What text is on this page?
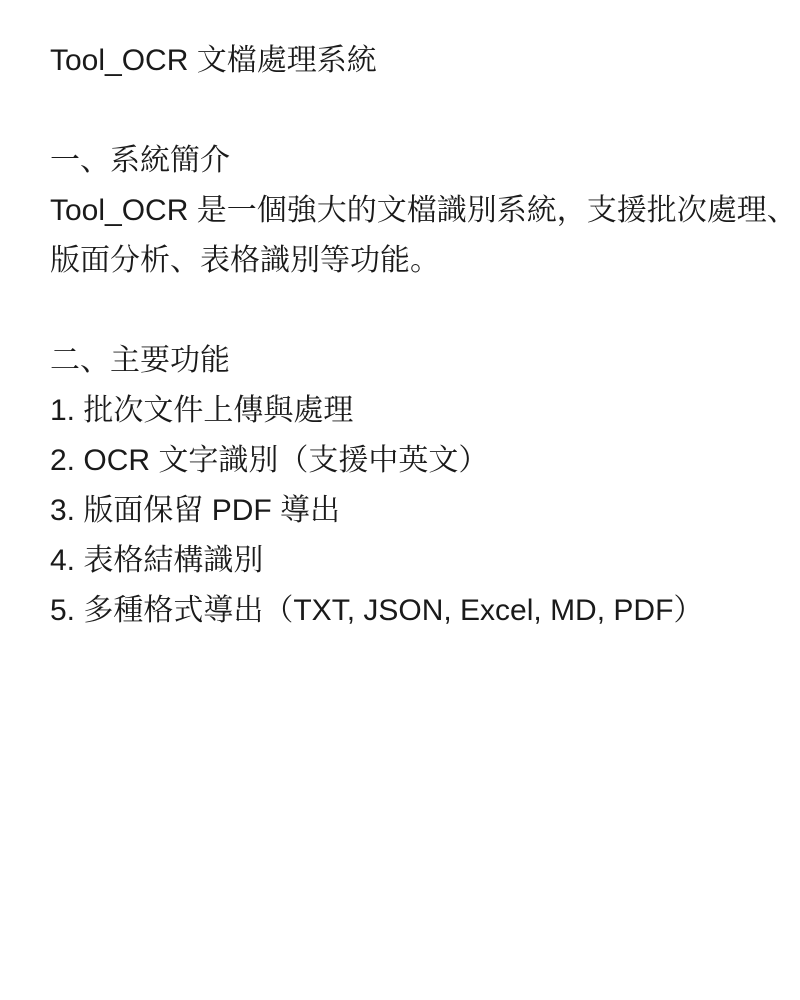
Tool_OCR 文檔處理系統
一、系統簡介
Tool_OCR 是一個強大的文檔識別系統，支援批次處理、
版面分析、表格識別等功能。
二、主要功能
1. 批次文件上傳與處理
2. OCR 文字識別（支援中英文）
3. 版面保留 PDF 導出
4. 表格結構識別
5. 多種格式導出（TXT, JSON, Excel, MD, PDF）
